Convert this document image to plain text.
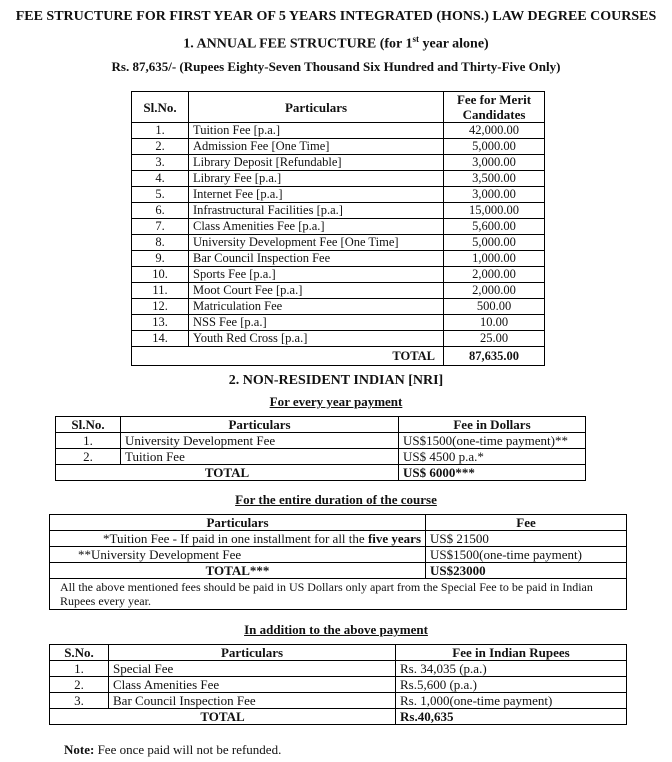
FEE STRUCTURE FOR FIRST YEAR OF 5 YEARS INTEGRATED (HONS.) LAW DEGREE COURSES
1. ANNUAL FEE STRUCTURE (for 1st year alone)
Rs. 87,635/- (Rupees Eighty-Seven Thousand Six Hundred and Thirty-Five Only)
Sl.No.	Particulars	Fee for Merit Candidates
1.	Tuition Fee [p.a.]	42,000.00
2.	Admission Fee [One Time]	5,000.00
3.	Library Deposit [Refundable]	3,000.00
4.	Library Fee [p.a.]	3,500.00
5.	Internet Fee [p.a.]	3,000.00
6.	Infrastructural Facilities [p.a.]	15,000.00
7.	Class Amenities Fee [p.a.]	5,600.00
8.	University Development Fee [One Time]	5,000.00
9.	Bar Council Inspection Fee	1,000.00
10.	Sports Fee [p.a.]	2,000.00
11.	Moot Court Fee [p.a.]	2,000.00
12.	Matriculation Fee	500.00
13.	NSS Fee [p.a.]	10.00
14.	Youth Red Cross [p.a.]	25.00
TOTAL		87,635.00
2. NON-RESIDENT INDIAN [NRI]
For every year payment
Sl.No.	Particulars	Fee in Dollars
1.	University Development Fee	US$1500(one-time payment)**
2.	Tuition Fee	US$ 4500 p.a.*
TOTAL		US$ 6000***
For the entire duration of the course
Particulars	Fee
*Tuition Fee - If paid in one installment for all the five years	US$ 21500
**University Development Fee	US$1500(one-time payment)
TOTAL***	US$23000
All the above mentioned fees should be paid in US Dollars only apart from the Special Fee to be paid in Indian Rupees every year.	
In addition to the above payment
S.No.	Particulars	Fee in Indian Rupees
1.	Special Fee	Rs. 34,035 (p.a.)
2.	Class Amenities Fee	Rs.5,600 (p.a.)
3.	Bar Council Inspection Fee	Rs. 1,000(one-time payment)
TOTAL		Rs.40,635
Note: Fee once paid will not be refunded.
